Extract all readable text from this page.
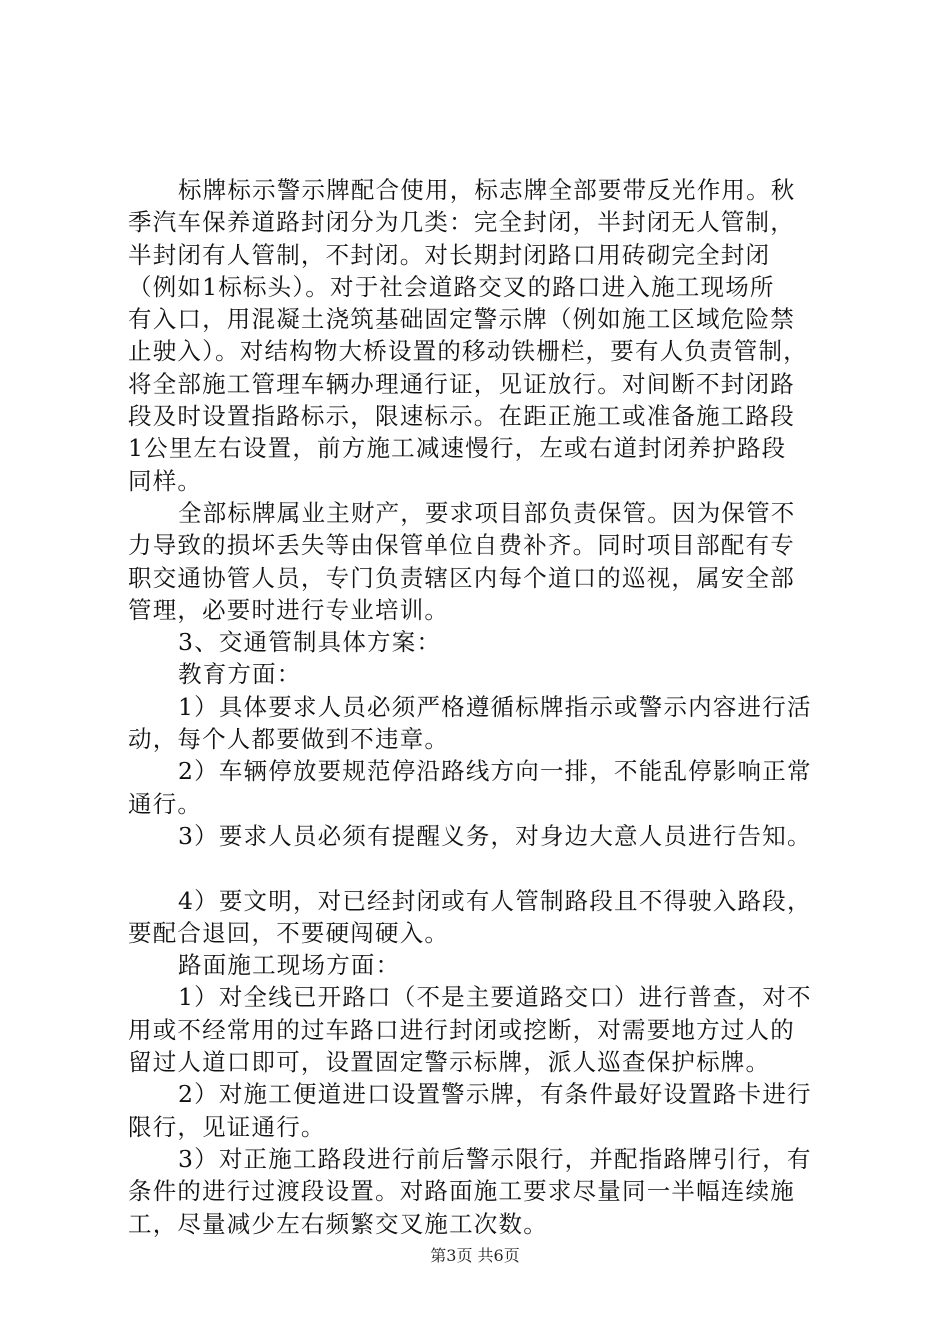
标牌标示警示牌配合使用，标志牌全部要带反光作用。秋
季汽车保养道路封闭分为几类：完全封闭，半封闭无人管制，
半封闭有人管制，不封闭。对长期封闭路口用砖砌完全封闭
（例如1标标头）。对于社会道路交叉的路口进入施工现场所
有入口，用混凝土浇筑基础固定警示牌（例如施工区域危险禁
止驶入）。对结构物大桥设置的移动铁栅栏，要有人负责管制，
将全部施工管理车辆办理通行证，见证放行。对间断不封闭路
段及时设置指路标示，限速标示。在距正施工或准备施工路段
1公里左右设置，前方施工减速慢行，左或右道封闭养护路段
同样。
全部标牌属业主财产，要求项目部负责保管。因为保管不
力导致的损坏丢失等由保管单位自费补齐。同时项目部配有专
职交通协管人员，专门负责辖区内每个道口的巡视，属安全部
管理，必要时进行专业培训。
3、交通管制具体方案：
教育方面：
1）具体要求人员必须严格遵循标牌指示或警示内容进行活
动，每个人都要做到不违章。
2）车辆停放要规范停沿路线方向一排，不能乱停影响正常
通行。
3）要求人员必须有提醒义务，对身边大意人员进行告知。
4）要文明，对已经封闭或有人管制路段且不得驶入路段，
要配合退回，不要硬闯硬入。
路面施工现场方面：
1）对全线已开路口（不是主要道路交口）进行普查，对不
用或不经常用的过车路口进行封闭或挖断，对需要地方过人的
留过人道口即可，设置固定警示标牌，派人巡查保护标牌。
2）对施工便道进口设置警示牌，有条件最好设置路卡进行
限行，见证通行。
3）对正施工路段进行前后警示限行，并配指路牌引行，有
条件的进行过渡段设置。对路面施工要求尽量同一半幅连续施
工，尽量减少左右频繁交叉施工次数。
第3页 共6页
